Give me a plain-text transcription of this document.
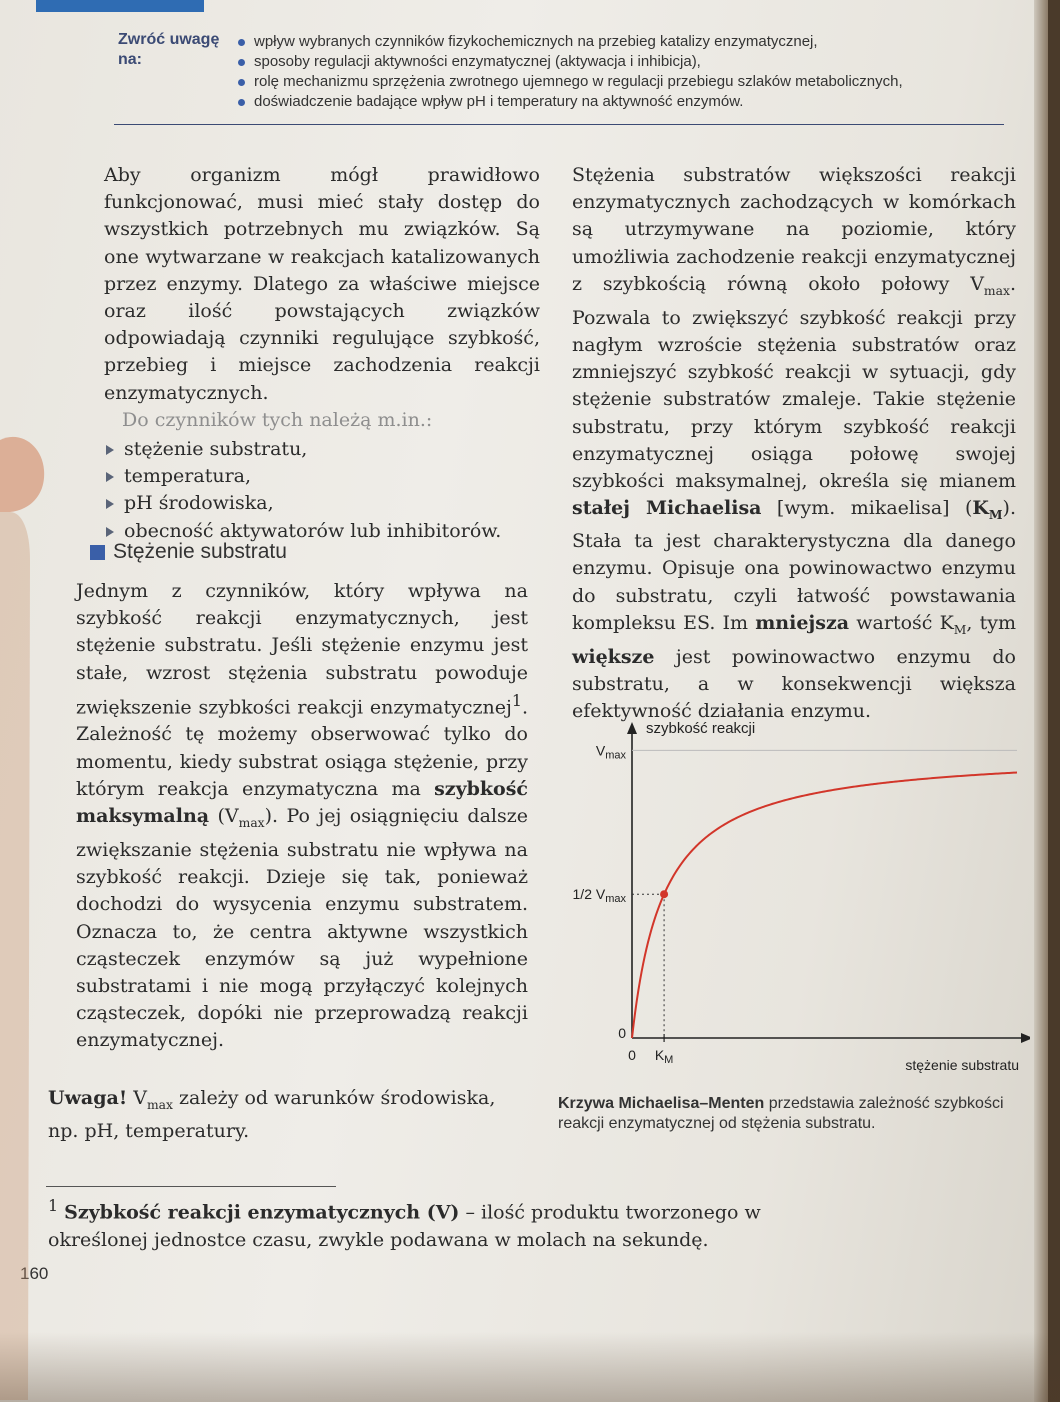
Zwróć uwagę na:
wpływ wybranych czynników fizykochemicznych na przebieg katalizy enzymatycznej,
sposoby regulacji aktywności enzymatycznej (aktywacja i inhibicja),
rolę mechanizmu sprzężenia zwrotnego ujemnego w regulacji przebiegu szlaków metabolicznych,
doświadczenie badające wpływ pH i temperatury na aktywność enzymów.

Aby organizm mógł prawidłowo funkcjonować, musi mieć stały dostęp do wszystkich potrzebnych mu związków. Są one wytwarzane w reakcjach katalizowanych przez enzymy. Dlatego za właściwe miejsce oraz ilość powstających związków odpowiadają czynniki regulujące szybkość, przebieg i miejsce zachodzenia reakcji enzymatycznych.

Do czynników tych należą m.in.:

stężenie substratu,
temperatura,
pH środowiska,
obecność aktywatorów lub inhibitorów.
Stężenie substratu

Jednym z czynników, który wpływa na szybkość reakcji enzymatycznych, jest stężenie substratu. Jeśli stężenie enzymu jest stałe, wzrost stężenia substratu powoduje zwiększenie szybkości reakcji enzymatycznej$^1$. Zależność tę możemy obserwować tylko do momentu, kiedy substrat osiąga stężenie, przy którym reakcja enzymatyczna ma szybkość maksymalną $(V_{max})$. Po jej osiągnięciu dalsze zwiększanie stężenia substratu nie wpływa na szybkość reakcji. Dzieje się tak, ponieważ dochodzi do wysycenia enzymu substratem. Oznacza to, że centra aktywne wszystkich cząsteczek enzymów są już wypełnione substratami i nie mogą przyłączyć kolejnych cząsteczek, dopóki nie przeprowadzą reakcji enzymatycznej.

Stężenia substratów większości reakcji enzymatycznych zachodzących w komórkach są utrzymywane na poziomie, który umożliwia zachodzenie reakcji enzymatycznej z szybkością równą około połowy $V_{max}$. Pozwala to zwiększyć szybkość reakcji przy nagłym wzroście stężenia substratów oraz zmniejszyć szybkość reakcji w sytuacji, gdy stężenie substratów zmaleje. Takie stężenie substratu, przy którym szybkość reakcji enzymatycznej osiąga połowę swojej szybkości maksymalnej, określa się mianem stałej Michaelisa [wym. mikaelisa] $(K_M)$. Stała ta jest charakterystyczna dla danego enzymu. Opisuje ona powinowactwo enzymu do substratu, czyli łatwość powstawania kompleksu ES. Im mniejsza wartość $K_M$, tym większe jest powinowactwo enzymu do substratu, a w konsekwencji większa efektywność działania enzymu.

szybkość reakcji
stężenie substratu
$V_{max}$
1/2 $V_{max}$
0
0 $K_M$
Uwaga! $V_{max}$ zależy od warunków środowiska, np. pH, temperatury.
Krzywa Michaelisa–Menten przedstawia zależność szybkości reakcji enzymatycznej od stężenia substratu.
$^1$ Szybkość reakcji enzymatycznych (V) – ilość produktu tworzonego w określonej jednostce czasu, zwykle podawana w molach na sekundę.
160
